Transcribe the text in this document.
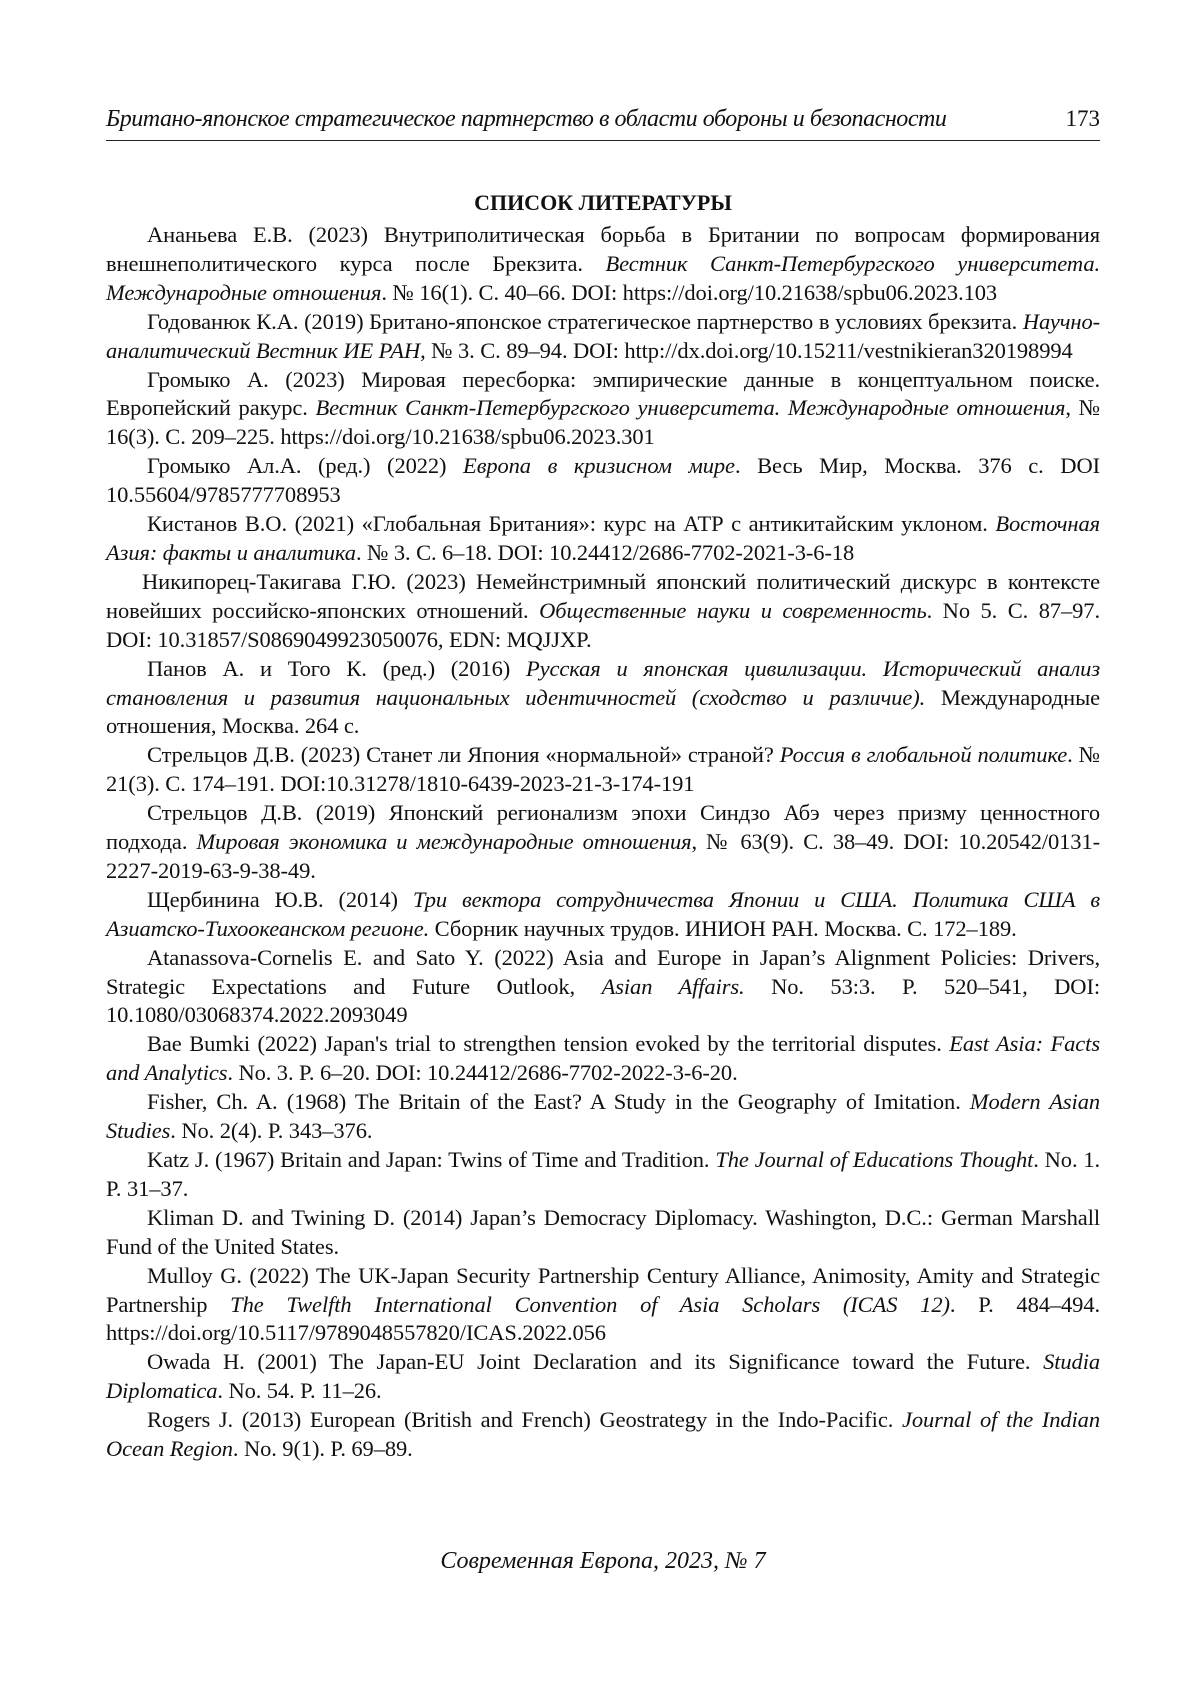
Британо-японское стратегическое партнерство в области обороны и безопасности	173
СПИСОК ЛИТЕРАТУРЫ

Ананьева Е.В. (2023) Внутриполитическая борьба в Британии по вопросам формирования внешнеполитического курса после Брекзита. Вестник Санкт-Петербургского университета. Международные отношения. № 16(1). С. 40–66. DOI: https://doi.org/10.21638/spbu06.2023.103

Годованюк К.А. (2019) Британо-японское стратегическое партнерство в условиях брекзита. Научно-аналитический Вестник ИЕ РАН, № 3. С. 89–94. DOI: http://dx.doi.org/10.15211/vestnikieran320198994

Громыко А. (2023) Мировая пересборка: эмпирические данные в концептуальном поиске. Европейский ракурс. Вестник Санкт-Петербургского университета. Международные отношения, № 16(3). С. 209–225. https://doi.org/10.21638/spbu06.2023.301

Громыко Ал.А. (ред.) (2022) Европа в кризисном мире. Весь Мир, Москва. 376 с. DOI 10.55604/9785777708953

Кистанов В.О. (2021) «Глобальная Британия»: курс на АТР с антикитайским уклоном. Восточная Азия: факты и аналитика. № 3. С. 6–18. DOI: 10.24412/2686-7702-2021-3-6-18

Никипорец-Такигава Г.Ю. (2023) Немейнстримный японский политический дискурс в контексте новейших российско-японских отношений. Общественные науки и современность. No 5. С. 87–97. DOI: 10.31857/S0869049923050076, EDN: MQJJXP.

Панов А. и Того К. (ред.) (2016) Русская и японская цивилизации. Исторический анализ становления и развития национальных идентичностей (сходство и различие). Международные отношения, Москва. 264 с.

Стрельцов Д.В. (2023) Станет ли Япония «нормальной» страной? Россия в глобальной политике. № 21(3). С. 174–191. DOI:10.31278/1810-6439-2023-21-3-174-191

Стрельцов Д.В. (2019) Японский регионализм эпохи Синдзо Абэ через призму ценностного подхода. Мировая экономика и международные отношения, № 63(9). С. 38–49. DOI: 10.20542/0131-2227-2019-63-9-38-49.

Щербинина Ю.В. (2014) Три вектора сотрудничества Японии и США. Политика США в Азиатско-Тихоокеанском регионе. Сборник научных трудов. ИНИОН РАН. Москва. С. 172–189.

Atanassova-Cornelis E. and Sato Y. (2022) Asia and Europe in Japan’s Alignment Policies: Drivers, Strategic Expectations and Future Outlook, Asian Affairs. No. 53:3. P. 520–541, DOI: 10.1080/03068374.2022.2093049

Bae Bumki (2022) Japan's trial to strengthen tension evoked by the territorial disputes. East Asia: Facts and Analytics. No. 3. P. 6–20. DOI: 10.24412/2686-7702-2022-3-6-20.

Fisher, Ch. A. (1968) The Britain of the East? A Study in the Geography of Imitation. Modern Asian Studies. No. 2(4). P. 343–376.

Katz J. (1967) Britain and Japan: Twins of Time and Tradition. The Journal of Educations Thought. No. 1. P. 31–37.

Kliman D. and Twining D. (2014) Japan’s Democracy Diplomacy. Washington, D.C.: German Marshall Fund of the United States.

Mulloy G. (2022) The UK-Japan Security Partnership Century Alliance, Animosity, Amity and Strategic Partnership The Twelfth International Convention of Asia Scholars (ICAS 12). P. 484–494. https://doi.org/10.5117/9789048557820/ICAS.2022.056

Owada H. (2001) The Japan-EU Joint Declaration and its Significance toward the Future. Studia Diplomatica. No. 54. P. 11–26.

Rogers J. (2013) European (British and French) Geostrategy in the Indo-Pacific. Journal of the Indian Ocean Region. No. 9(1). P. 69–89.

Современная Европа, 2023, № 7
